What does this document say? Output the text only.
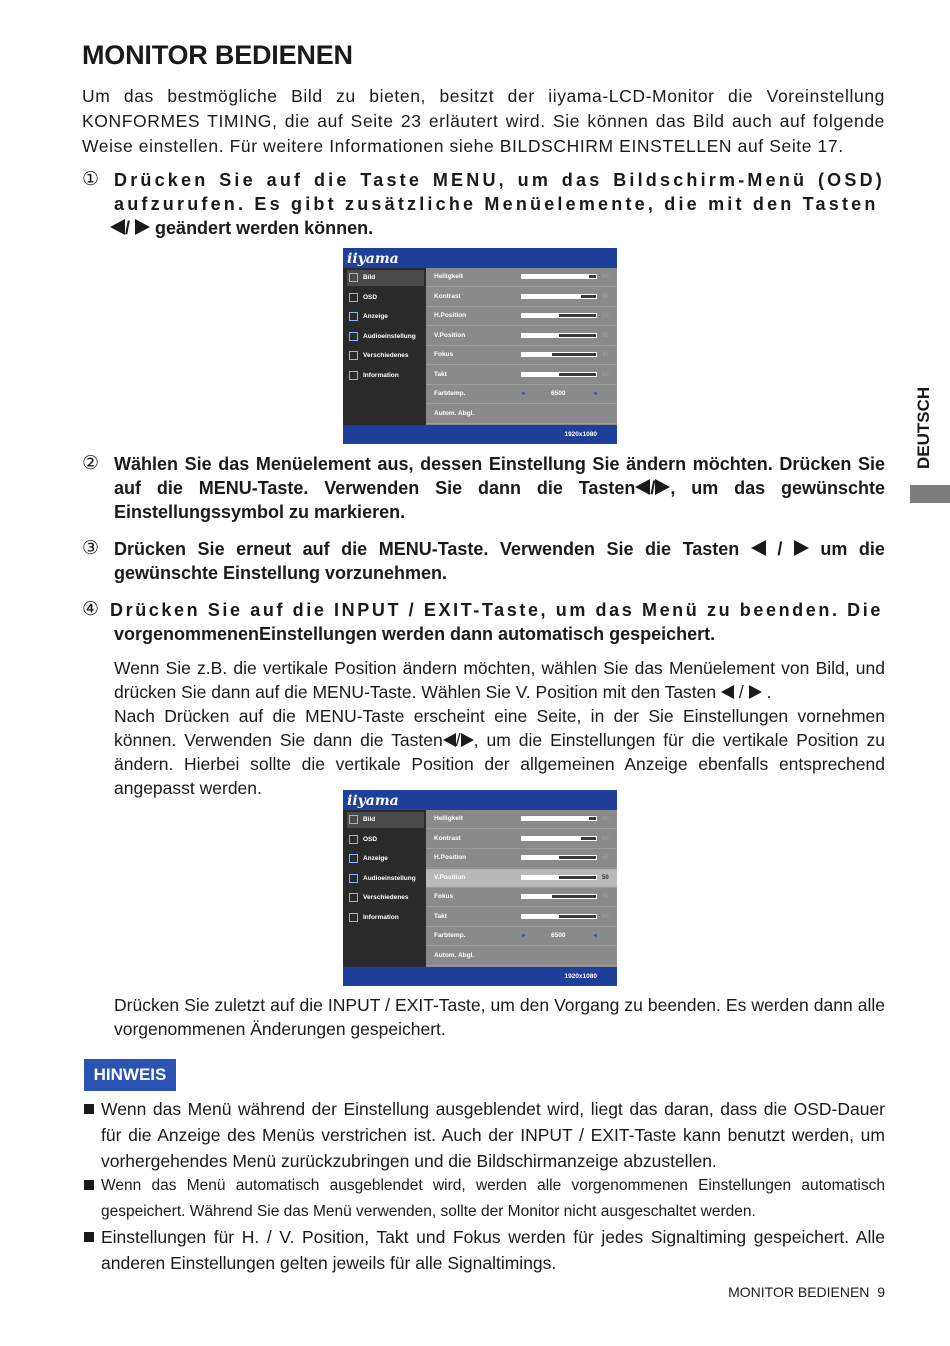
MONITOR BEDIENEN
Um das bestmögliche Bild zu bieten, besitzt der iiyama-LCD-Monitor die Voreinstellung KONFORMES TIMING, die auf Seite 23 erläutert wird. Sie können das Bild auch auf folgende Weise einstellen. Für weitere Informationen siehe BILDSCHIRM EINSTELLEN auf Seite 17.
DEUTSCH
① Drücken Sie auf die Taste MENU, um das Bildschirm-Menü (OSD) aufzurufen. Es gibt zusätzliche Menüelemente, die mit den Tasten
/ geändert werden können.
iiyama
Bild
OSD
Anzeige
Audioeinstellung
Verschiedenes
Information
Helligkeit	90
Kontrast	80
H.Position	50
V.Position	50
Fokus	41
Takt	50
Farbtemp.	►	6500	◄
Autom. Abgl.
1920x1080
② Wählen Sie das Menüelement aus, dessen Einstellung Sie ändern möchten. Drücken Sie auf die MENU-Taste. Verwenden Sie dann die Tasten / , um das gewünschte Einstellungssymbol zu markieren.
③ Drücken Sie erneut auf die MENU-Taste. Verwenden Sie die Tasten / um die gewünschte Einstellung vorzunehmen.
④ Drücken Sie auf die INPUT / EXIT-Taste, um das Menü zu beenden. Die
vorgenommenenEinstellungen werden dann automatisch gespeichert.
Wenn Sie z.B. die vertikale Position ändern möchten, wählen Sie das Menüelement von Bild, und drücken Sie dann auf die MENU-Taste. Wählen Sie V. Position mit den Tasten / .
Nach Drücken auf die MENU-Taste erscheint eine Seite, in der Sie Einstellungen vornehmen können. Verwenden Sie dann die Tasten / , um die Einstellungen für die vertikale Position zu ändern. Hierbei sollte die vertikale Position der allgemeinen Anzeige ebenfalls entsprechend angepasst werden.
iiyama
Bild
OSD
Anzeige
Audioeinstellung
Verschiedenes
Information
Helligkeit	90
Kontrast	80
H.Position	50
V.Position	50
Fokus	41
Takt	50
Farbtemp.	►	6500	◄
Autom. Abgl.
1920x1080
Drücken Sie zuletzt auf die INPUT / EXIT-Taste, um den Vorgang zu beenden. Es werden dann alle vorgenommenen Änderungen gespeichert.
HINWEIS
Wenn das Menü während der Einstellung ausgeblendet wird, liegt das daran, dass die OSD-Dauer für die Anzeige des Menüs verstrichen ist. Auch der INPUT / EXIT-Taste kann benutzt werden, um vorhergehendes Menü zurückzubringen und die Bildschirmanzeige abzustellen.
Wenn das Menü automatisch ausgeblendet wird, werden alle vorgenommenen Einstellungen automatisch gespeichert. Während Sie das Menü verwenden, sollte der Monitor nicht ausgeschaltet werden.
Einstellungen für H. / V. Position, Takt und Fokus werden für jedes Signaltiming gespeichert. Alle anderen Einstellungen gelten jeweils für alle Signaltimings.
MONITOR BEDIENEN 9
